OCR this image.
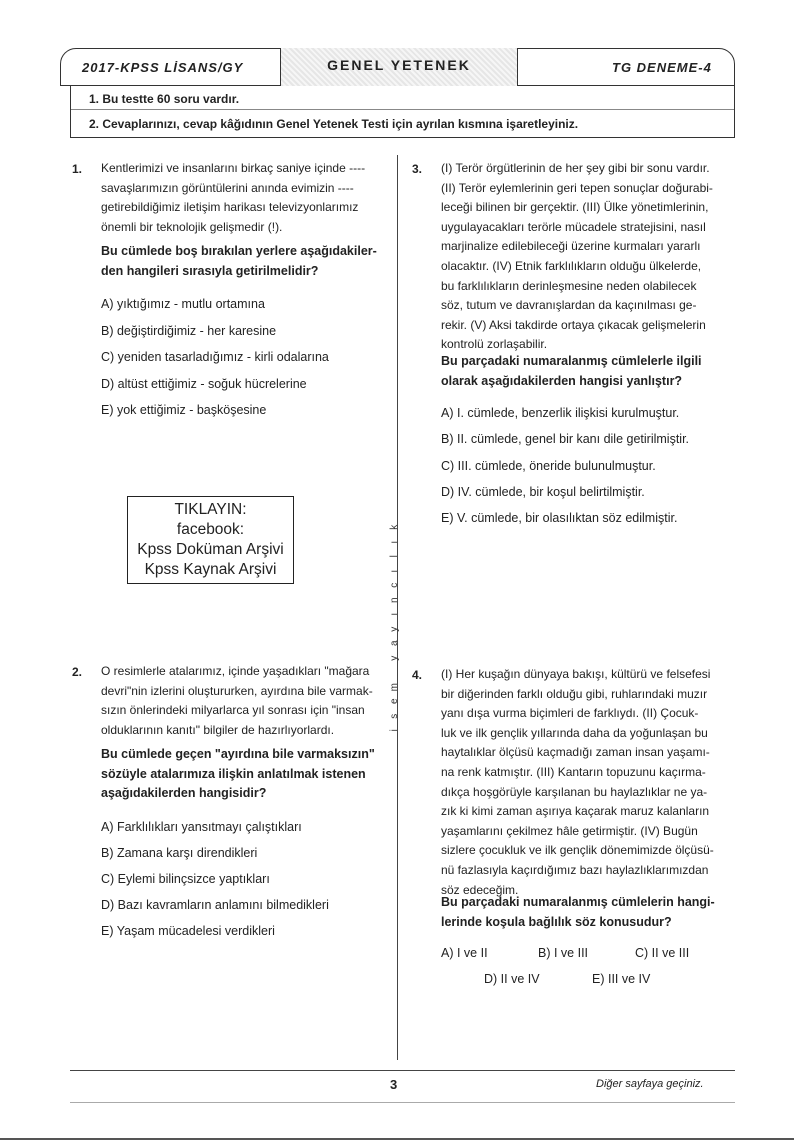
2017-KPSS LİSANS/GY	GENEL YETENEK	TG DENEME-4
1. Bu testte 60 soru vardır.
2. Cevaplarınızı, cevap kâğıdının Genel Yetenek Testi için ayrılan kısmına işaretleyiniz.
k
ı
l
ı
c
n
ı
y
a
y

m
e
s
i
1. Kentlerimizi ve insanlarını birkaç saniye içinde ----
savaşlarımızın görüntülerini anında evimizin ----
getirebildiğimiz iletişim harikası televizyonlarımız
önemli bir teknolojik gelişmedir (!).
Bu cümlede boş bırakılan yerlere aşağıdakiler-
den hangileri sırasıyla getirilmelidir?
A) yıktığımız - mutlu ortamına
B) değiştirdiğimiz - her karesine
C) yeniden tasarladığımız - kirli odalarına
D) altüst ettiğimiz - soğuk hücrelerine
E) yok ettiğimiz - başköşesine
TIKLAYIN:
facebook:
Kpss Doküman Arşivi
Kpss Kaynak Arşivi
2. O resimlerle atalarımız, içinde yaşadıkları "mağara
devri"nin izlerini oluştururken, ayırdına bile varmak-
sızın önlerindeki milyarlarca yıl sonrası için "insan
olduklarının kanıtı" bilgiler de hazırlıyorlardı.
Bu cümlede geçen "ayırdına bile varmaksızın"
sözüyle atalarımıza ilişkin anlatılmak istenen
aşağıdakilerden hangisidir?
A) Farklılıkları yansıtmayı çalıştıkları
B) Zamana karşı direndikleri
C) Eylemi bilinçsizce yaptıkları
D) Bazı kavramların anlamını bilmedikleri
E) Yaşam mücadelesi verdikleri
3. (I) Terör örgütlerinin de her şey gibi bir sonu vardır.
(II) Terör eylemlerinin geri tepen sonuçlar doğurabi-
leceği bilinen bir gerçektir. (III) Ülke yönetimlerinin,
uygulayacakları terörle mücadele stratejisini, nasıl
marjinalize edilebileceği üzerine kurmaları yararlı
olacaktır. (IV) Etnik farklılıkların olduğu ülkelerde,
bu farklılıkların derinleşmesine neden olabilecek
söz, tutum ve davranışlardan da kaçınılması ge-
rekir. (V) Aksi takdirde ortaya çıkacak gelişmelerin
kontrolü zorlaşabilir.
Bu parçadaki numaralanmış cümlelerle ilgili
olarak aşağıdakilerden hangisi yanlıştır?
A) I. cümlede, benzerlik ilişkisi kurulmuştur.
B) II. cümlede, genel bir kanı dile getirilmiştir.
C) III. cümlede, öneride bulunulmuştur.
D) IV. cümlede, bir koşul belirtilmiştir.
E) V. cümlede, bir olasılıktan söz edilmiştir.
4. (I) Her kuşağın dünyaya bakışı, kültürü ve felsefesi
bir diğerinden farklı olduğu gibi, ruhlarındaki muzır
yanı dışa vurma biçimleri de farklıydı. (II) Çocuk-
luk ve ilk gençlik yıllarında daha da yoğunlaşan bu
haytalıklar ölçüsü kaçmadığı zaman insan yaşamı-
na renk katmıştır. (III) Kantarın topuzunu kaçırma-
dıkça hoşgörüyle karşılanan bu haylazlıklar ne ya-
zık ki kimi zaman aşırıya kaçarak maruz kalanların
yaşamlarını çekilmez hâle getirmiştir. (IV) Bugün
sizlere çocukluk ve ilk gençlik dönemimizde ölçüsü-
nü fazlasıyla kaçırdığımız bazı haylazlıklarımızdan
söz edeceğim.
Bu parçadaki numaralanmış cümlelerin hangi-
lerinde koşula bağlılık söz konusudur?
A) I ve II	B) I ve III	C) II ve III
D) II ve IV	E) III ve IV
3	Diğer sayfaya geçiniz.
